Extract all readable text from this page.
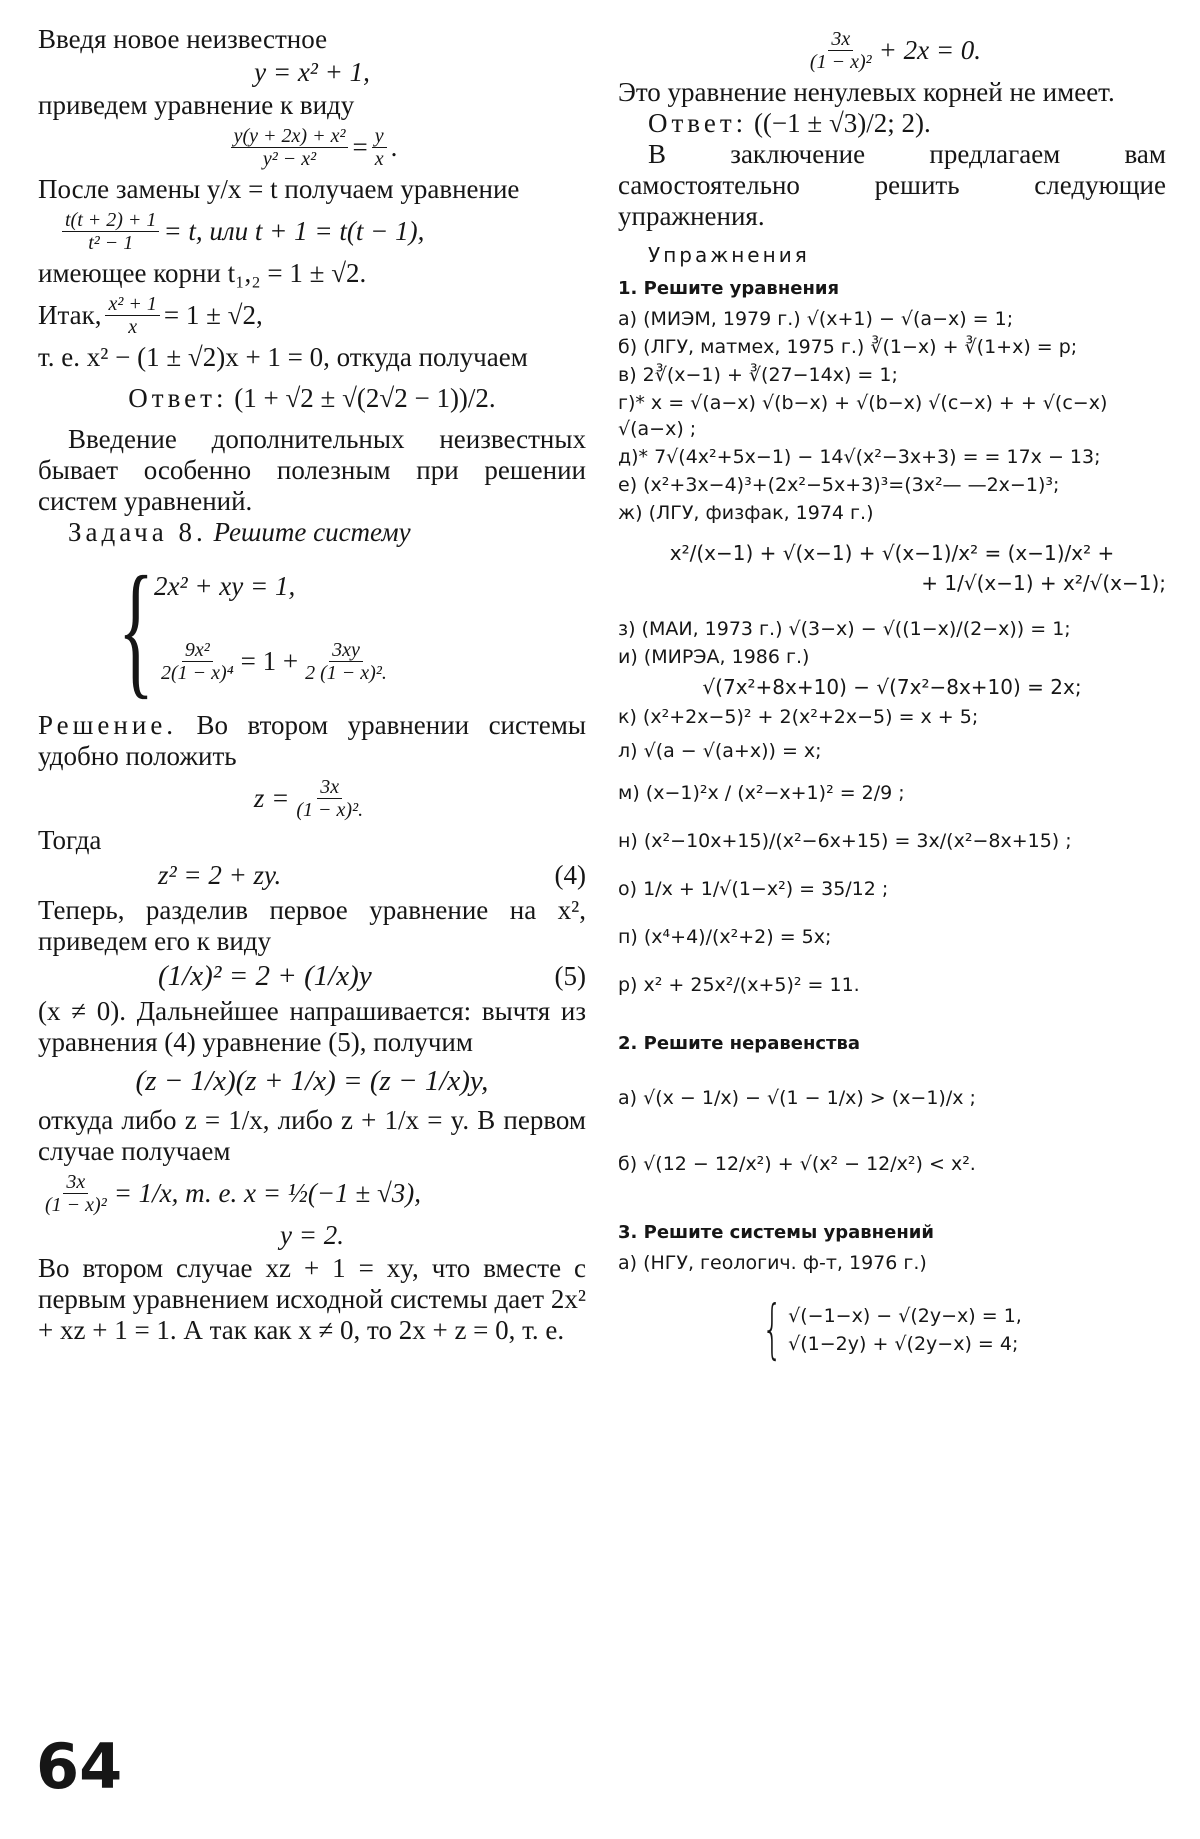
Введя новое неизвестное

y = x² + 1,

приведем уравнение к виду

$\frac{\text{y(y + 2x) + x²}}{\text{y² − x²}} = \frac{y}{x}$ .

После замены y/x = t получаем уравнение

$\frac{t(t + 2) + 1}{\text{t² − 1}} = t$, или t + 1 = t(t − 1),

имеющее корни t₁,₂ = 1 ± √2.

Итак, $\frac{\text{x² + 1}}{x} = 1 \pm √2$,

т. е. x² − (1 ± √2)x + 1 = 0, откуда получаем

Ответ: (1 + √2 ± √(2√2 − 1))/2.

Введение дополнительных неизвестных бывает особенно полезным при решении систем уравнений.

Задача 8. Решите систему

{ 2x² + xy = 1,
$\frac{\text{9x²}}{\text{2(1 − x)⁴}} = 1 + \frac{3xy}{\text{2 (1 − x)².}}$

Решение. Во втором уравнении системы удобно положить

$z = \frac{3x}{\text{(1 − x)².}}$

Тогда

z² = 2 + zy.	(4)

Теперь, разделив первое уравнение на x², приведем его к виду

(1/x)² = 2 + (1/x)y	(5)

(x ≠ 0). Дальнейшее напрашивается: вычтя из уравнения (4) уравнение (5), получим

(z − 1/x)(z + 1/x) = (z − 1/x)y,

откуда либо z = 1/x, либо z + 1/x = y. В первом случае получаем

$\frac{3x}{\text{(1 − x)²}} = 1/x$, т. е. x = ½(−1 ± √3),

y = 2.

Во втором случае xz + 1 = xy, что вместе с первым уравнением исходной системы дает 2x² + xz + 1 = 1. А так как x ≠ 0, то 2x + z = 0, т. е.

$\frac{3x}{\text{(1 − x)²}} + 2x = 0$.

Это уравнение ненулевых корней не имеет.

Ответ: ((−1 ± √3)/2; 2).

В заключение предлагаем вам самостоятельно решить следующие упражнения.

Упражнения
1. Решите уравнения
а) (МИЭМ, 1979 г.) √(x+1) − √(a−x) = 1;
б) (ЛГУ, матмех, 1975 г.) ∛(1−x) + ∛(1+x) = p;
в) 2∛(x−1) + ∛(27−14x) = 1;
г)* x = √(a−x) √(b−x) + √(b−x) √(c−x) + + √(c−x) √(a−x) ;
д)* 7√(4x²+5x−1) − 14√(x²−3x+3) = = 17x − 13;
е) (x²+3x−4)³+(2x²−5x+3)³=(3x²— —2x−1)³;
ж) (ЛГУ, физфак, 1974 г.)
x²/(x−1) + √(x−1) + √(x−1)/x² = (x−1)/x² +
+ 1/√(x−1) + x²/√(x−1);
з) (МАИ, 1973 г.) √(3−x) − √((1−x)/(2−x)) = 1;
и) (МИРЭА, 1986 г.)
√(7x²+8x+10) − √(7x²−8x+10) = 2x;
к) (x²+2x−5)² + 2(x²+2x−5) = x + 5;
л) √(a − √(a+x)) = x;
м) (x−1)²x / (x²−x+1)² = 2/9 ;
н) (x²−10x+15)/(x²−6x+15) = 3x/(x²−8x+15) ;
о) 1/x + 1/√(1−x²) = 35/12 ;
п) (x⁴+4)/(x²+2) = 5x;
р) x² + 25x²/(x+5)² = 11.
2. Решите неравенства
а) √(x − 1/x) − √(1 − 1/x) > (x−1)/x ;
б) √(12 − 12/x²) + √(x² − 12/x²) < x².
3. Решите системы уравнений
а) (НГУ, геологич. ф-т, 1976 г.)
{ √(−1−x) − √(2y−x) = 1,
√(1−2y) + √(2y−x) = 4;
64
